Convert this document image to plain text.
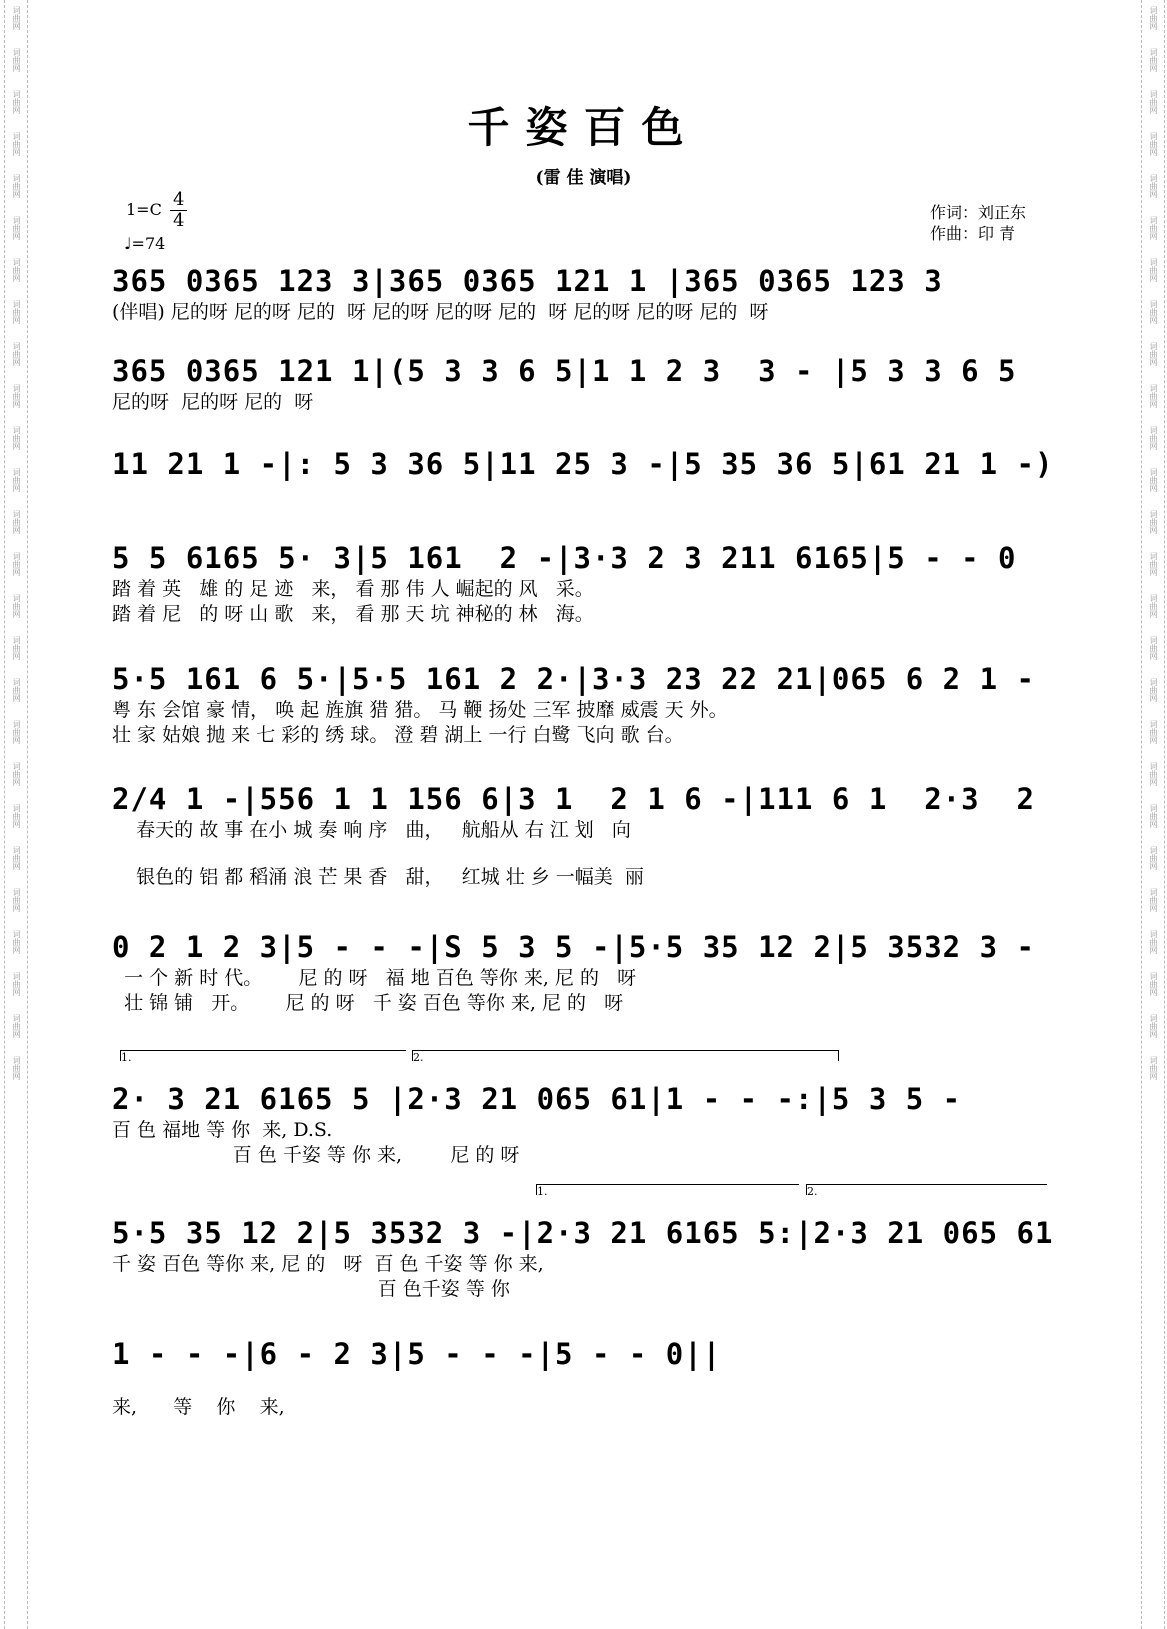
词曲网
词曲网
词曲网
词曲网
词曲网
词曲网
词曲网
词曲网
词曲网
词曲网
词曲网
词曲网
词曲网
词曲网
词曲网
词曲网
词曲网
词曲网
词曲网
词曲网
词曲网
词曲网
词曲网
词曲网
词曲网
词曲网
词曲网
词曲网
词曲网
词曲网
词曲网
词曲网
词曲网
词曲网
词曲网
词曲网
词曲网
词曲网
词曲网
词曲网
词曲网
词曲网
词曲网
词曲网
词曲网
词曲网
词曲网
词曲网
词曲网
词曲网
词曲网
词曲网
千姿百色
(雷 佳 演唱)
1=C 4
4
♩=74
作词：刘正东
作曲：印 青
365 0365 123 3|365 0365 121 1 |365 0365 123 3
(伴唱) 尼的呀 尼的呀 尼的  呀 尼的呀 尼的呀 尼的  呀 尼的呀 尼的呀 尼的  呀
365 0365 121 1|(5 3 3 6 5|1 1 2 3  3 - |5 3 3 6 5
尼的呀  尼的呀 尼的  呀
11 21 1 -|: 5 3 36 5|11 25 3 -|5 35 36 5|61 21 1 -)
5 5 6165 5· 3|5 161  2 -|3·3 2 3 211 6165|5 - - 0
踏 着 英   雄 的 足 迹   来， 看 那 伟 人 崛起的 风   采。
踏 着 尼   的 呀 山 歌   来， 看 那 天 坑 神秘的 林   海。
5·5 161 6 5·|5·5 161 2 2·|3·3 23 22 21|065 6 2 1 -
粤 东 会馆 豪 情， 唤 起 旌旗 猎 猎。 马 鞭 扬处 三军 披靡 威震 天 外。
壮 家 姑娘 抛 来 七 彩的 绣 球。 澄 碧 湖上 一行 白鹭 飞向 歌 台。
2/4 1 -|556 1 1 156 6|3 1  2 1 6 -|111 6 1  2·3  2
春天的 故 事 在小 城 奏 响 序   曲，   航船从 右 江 划   向
银色的 铝 都 稻涌 浪 芒 果 香   甜，   红城 壮 乡 一幅美  丽
0 2 1 2 3|5 - - -|S 5 3 5 -|5·5 35 12 2|5 3532 3 -
一 个 新 时 代。      尼 的 呀   福 地 百色 等你 来, 尼 的   呀
壮 锦 铺   开。      尼 的 呀   千 姿 百色 等你 来, 尼 的   呀
1.	2.
2· 3 21 6165 5 |2·3 21 065 61|1 - - -:|5 3 5 -
百 色 福地 等 你  来, D.S.
百 色 千姿 等 你 来,        尼 的 呀
1.	2.
5·5 35 12 2|5 3532 3 -|2·3 21 6165 5:|2·3 21 065 61
千 姿 百色 等你 来, 尼 的   呀  百 色 千姿 等 你 来,
百 色千姿 等 你
1 - - -|6 - 2 3|5 - - -|5 - - 0||
来,      等    你    来,
